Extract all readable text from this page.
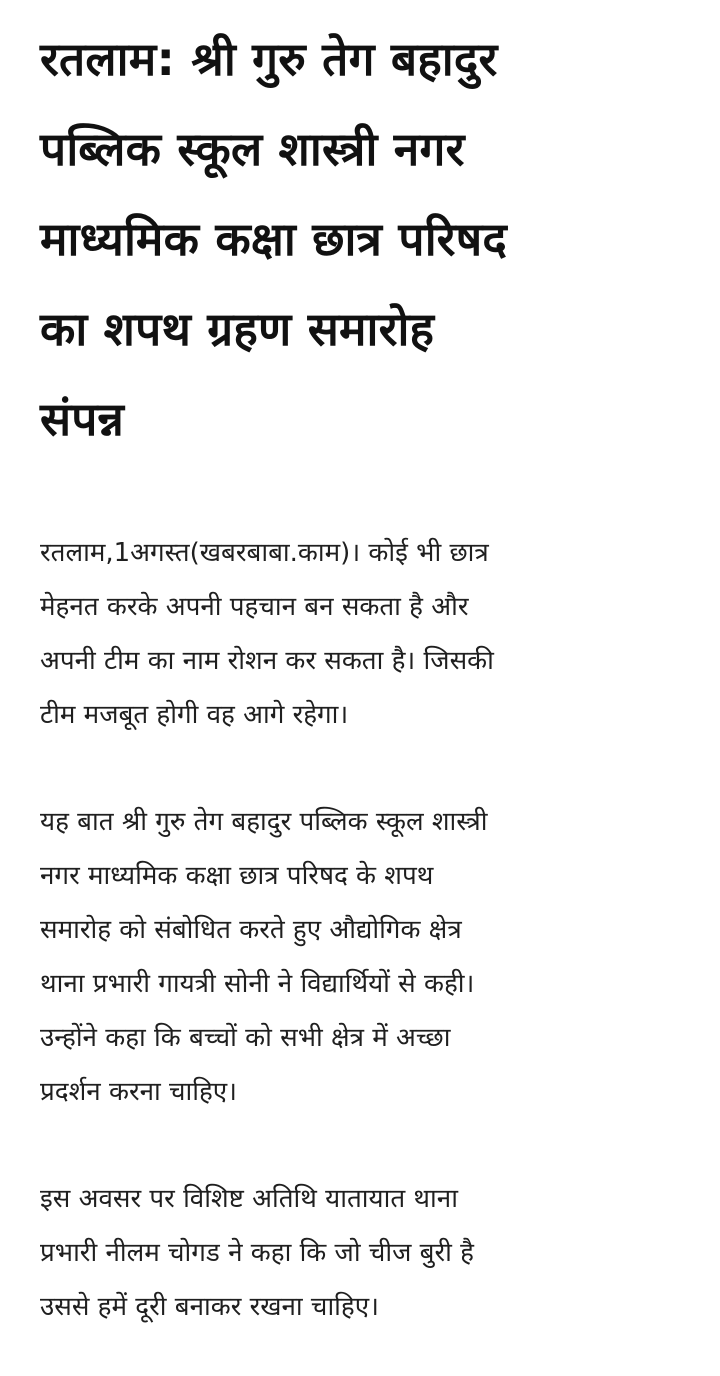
रतलाम: श्री गुरु तेग बहादुर
पब्लिक स्कूल शास्त्री नगर
माध्यमिक कक्षा छात्र परिषद
का शपथ ग्रहण समारोह
संपन्न

रतलाम,1अगस्त(खबरबाबा.काम)। कोई भी छात्र
मेहनत करके अपनी पहचान बन सकता है और
अपनी टीम का नाम रोशन कर सकता है। जिसकी
टीम मजबूत होगी वह आगे रहेगा।

यह बात श्री गुरु तेग बहादुर पब्लिक स्कूल शास्त्री
नगर माध्यमिक कक्षा छात्र परिषद के शपथ
समारोह को संबोधित करते हुए औद्योगिक क्षेत्र
थाना प्रभारी गायत्री सोनी ने विद्यार्थियों से कही।
उन्होंने कहा कि बच्चों को सभी क्षेत्र में अच्छा
प्रदर्शन करना चाहिए।

इस अवसर पर विशिष्ट अतिथि यातायात थाना
प्रभारी नीलम चोगड ने कहा कि जो चीज बुरी है
उससे हमें दूरी बनाकर रखना चाहिए।
